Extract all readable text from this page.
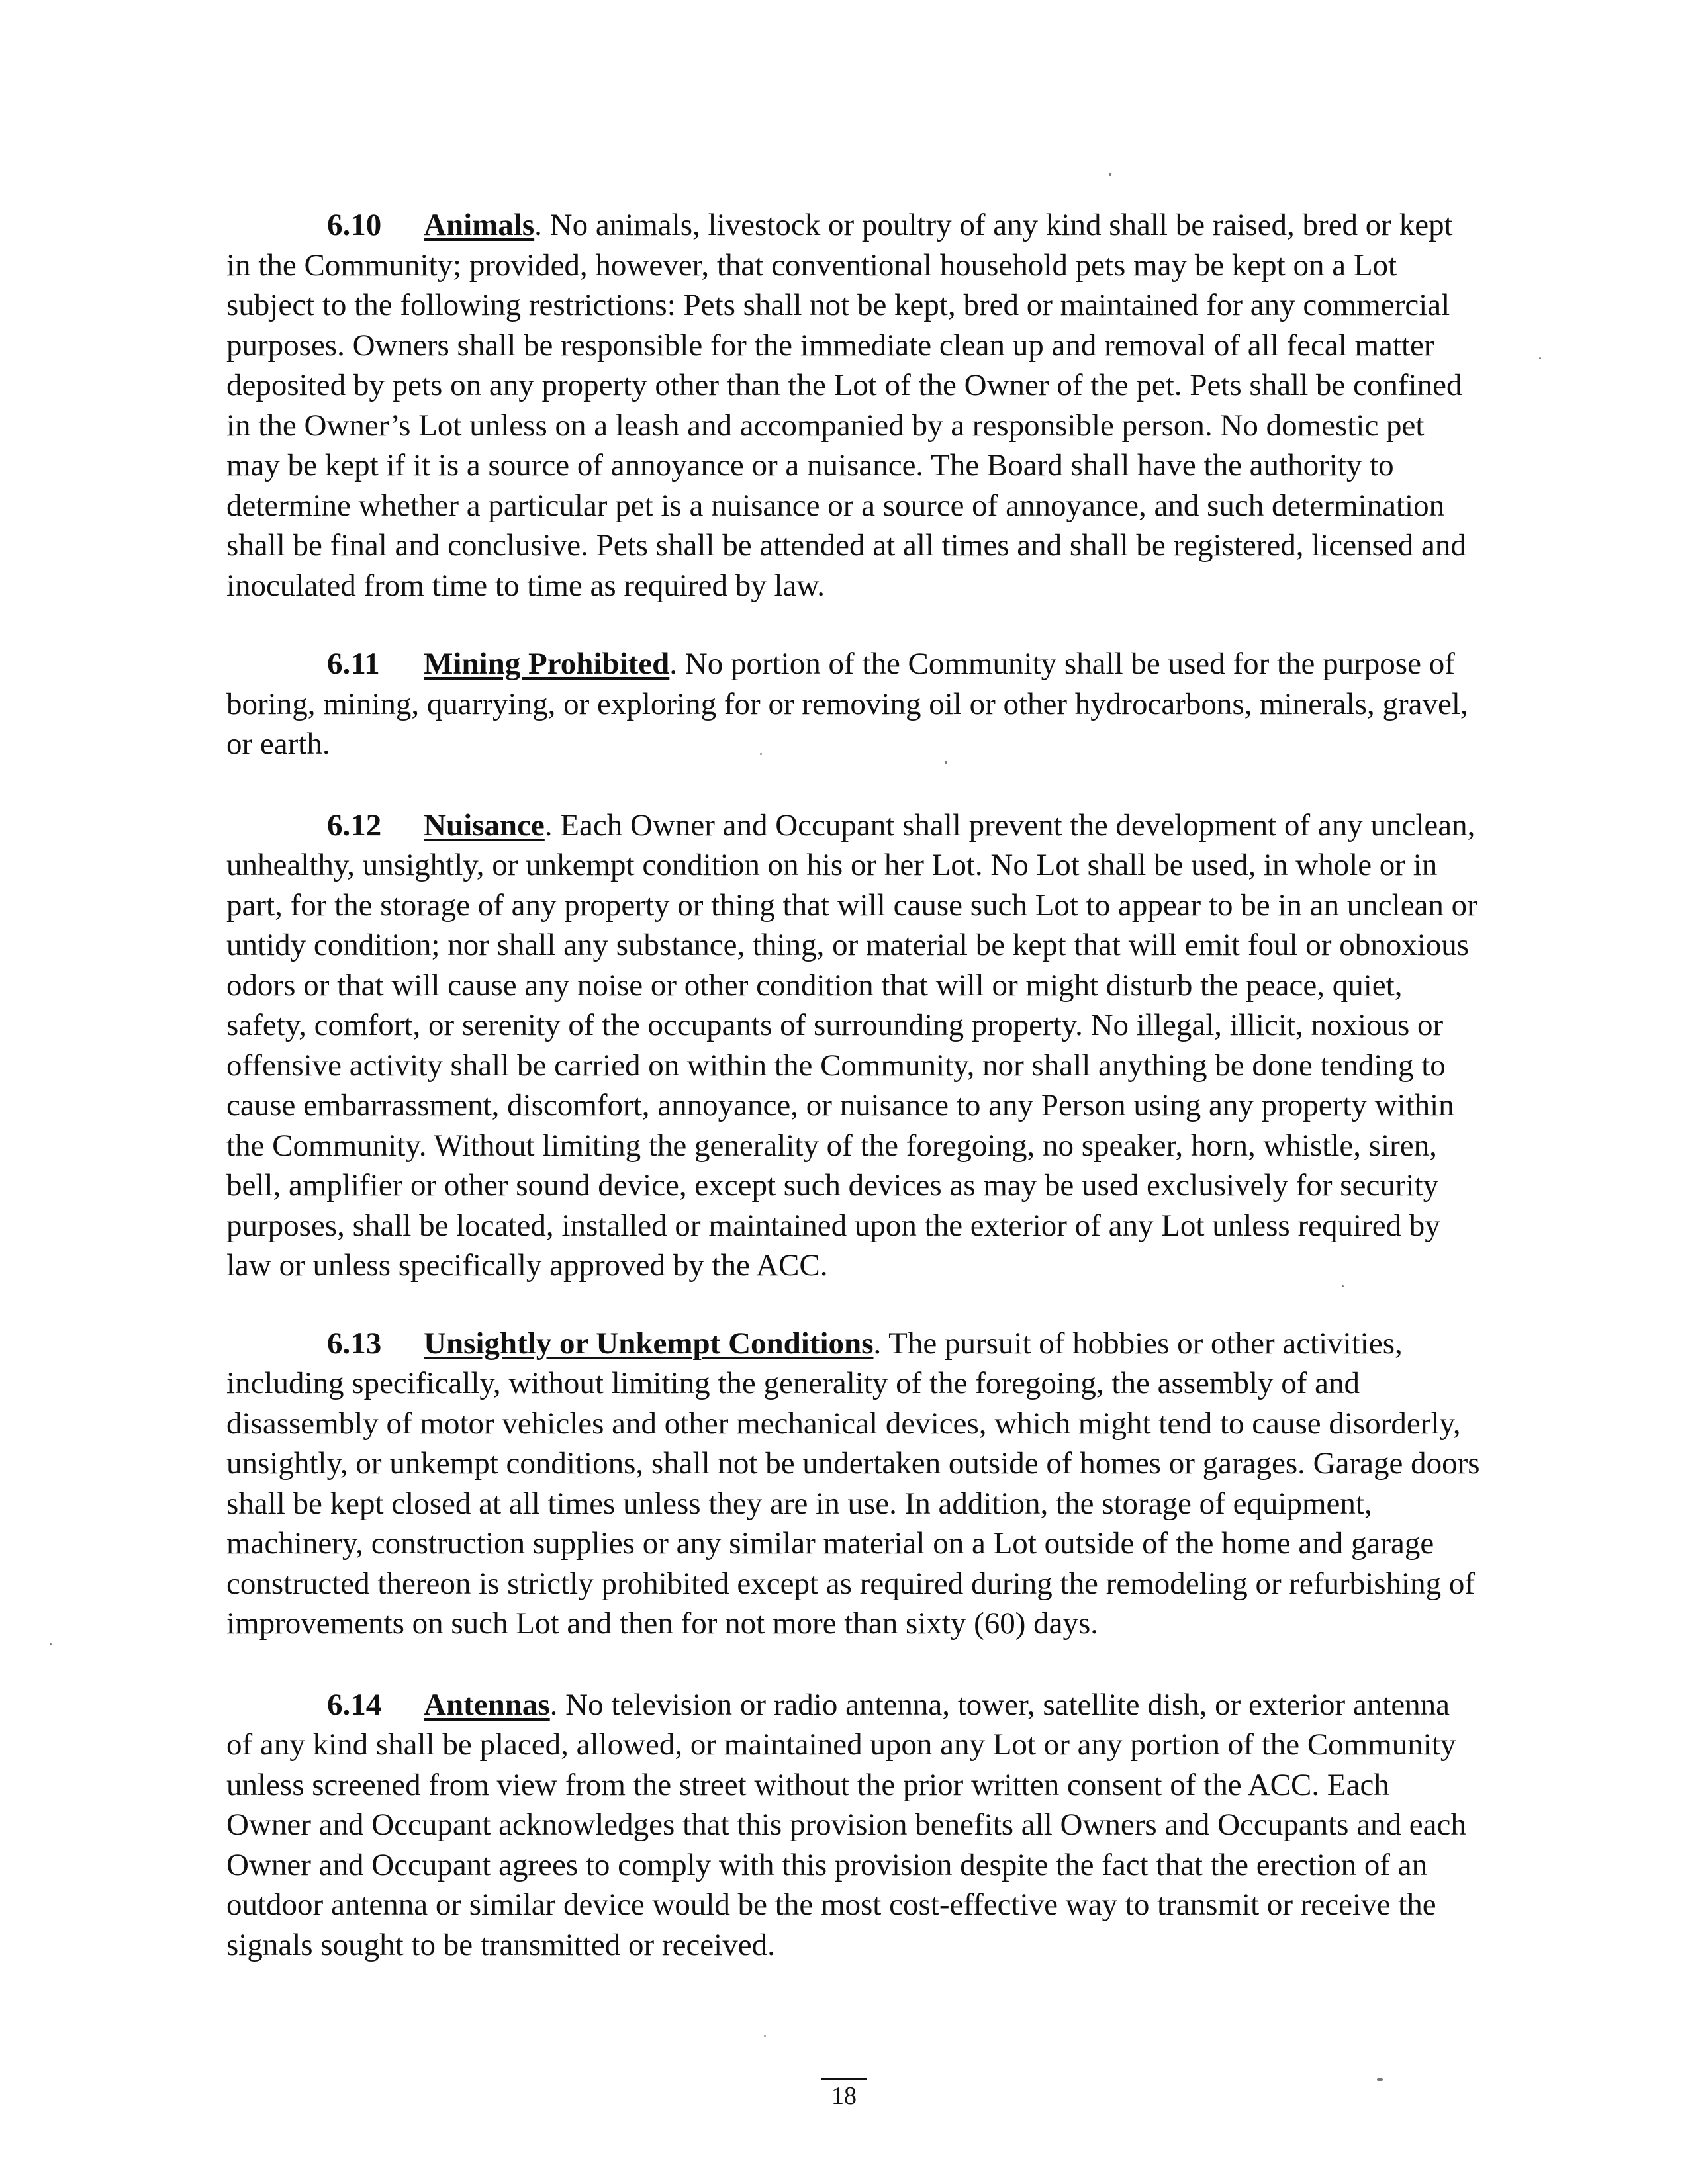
6.10 Animals. No animals, livestock or poultry of any kind shall be raised, bred or kept in the Community; provided, however, that conventional household pets may be kept on a Lot subject to the following restrictions: Pets shall not be kept, bred or maintained for any commercial purposes. Owners shall be responsible for the immediate clean up and removal of all fecal matter deposited by pets on any property other than the Lot of the Owner of the pet. Pets shall be confined in the Owner’s Lot unless on a leash and accompanied by a responsible person. No domestic pet may be kept if it is a source of annoyance or a nuisance. The Board shall have the authority to determine whether a particular pet is a nuisance or a source of annoyance, and such determination shall be final and conclusive. Pets shall be attended at all times and shall be registered, licensed and inoculated from time to time as required by law.

6.11 Mining Prohibited. No portion of the Community shall be used for the purpose of boring, mining, quarrying, or exploring for or removing oil or other hydrocarbons, minerals, gravel, or earth.

6.12 Nuisance. Each Owner and Occupant shall prevent the development of any unclean, unhealthy, unsightly, or unkempt condition on his or her Lot. No Lot shall be used, in whole or in part, for the storage of any property or thing that will cause such Lot to appear to be in an unclean or untidy condition; nor shall any substance, thing, or material be kept that will emit foul or obnoxious odors or that will cause any noise or other condition that will or might disturb the peace, quiet, safety, comfort, or serenity of the occupants of surrounding property. No illegal, illicit, noxious or offensive activity shall be carried on within the Community, nor shall anything be done tending to cause embarrassment, discomfort, annoyance, or nuisance to any Person using any property within the Community. Without limiting the generality of the foregoing, no speaker, horn, whistle, siren, bell, amplifier or other sound device, except such devices as may be used exclusively for security purposes, shall be located, installed or maintained upon the exterior of any Lot unless required by law or unless specifically approved by the ACC.

6.13 Unsightly or Unkempt Conditions. The pursuit of hobbies or other activities, including specifically, without limiting the generality of the foregoing, the assembly of and disassembly of motor vehicles and other mechanical devices, which might tend to cause disorderly, unsightly, or unkempt conditions, shall not be undertaken outside of homes or garages. Garage doors shall be kept closed at all times unless they are in use. In addition, the storage of equipment, machinery, construction supplies or any similar material on a Lot outside of the home and garage constructed thereon is strictly prohibited except as required during the remodeling or refurbishing of improvements on such Lot and then for not more than sixty (60) days.

6.14 Antennas. No television or radio antenna, tower, satellite dish, or exterior antenna of any kind shall be placed, allowed, or maintained upon any Lot or any portion of the Community unless screened from view from the street without the prior written consent of the ACC. Each Owner and Occupant acknowledges that this provision benefits all Owners and Occupants and each Owner and Occupant agrees to comply with this provision despite the fact that the erection of an outdoor antenna or similar device would be the most cost-effective way to transmit or receive the signals sought to be transmitted or received.

18
